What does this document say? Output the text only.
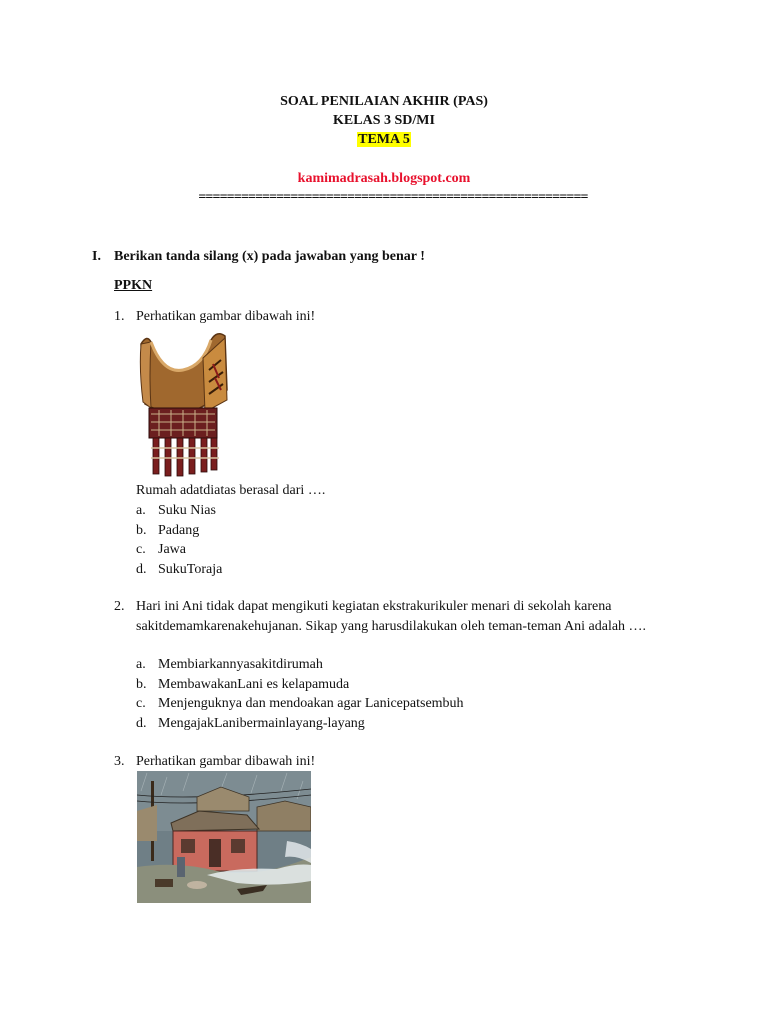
SOAL PENILAIAN AKHIR (PAS)
KELAS 3 SD/MI
TEMA 5
kamimadrasah.blogspot.com
=======================================================
I. Berikan tanda silang (x) pada jawaban yang benar !
PPKN
1. Perhatikan gambar dibawah ini!
Rumah adatdiatas berasal dari ….
a. Suku Nias
b. Padang
c. Jawa
d. SukuToraja
2. Hari ini Ani tidak dapat mengikuti kegiatan ekstrakurikuler menari di sekolah karena sakitdemamkarenakehujanan. Sikap yang harusdilakukan oleh teman-teman Ani adalah ….
a. Membiarkannyasakitdirumah
b. MembawakanLani es kelapamuda
c. Menjenguknya dan mendoakan agar Lanicepatsembuh
d. MengajakLanibermainlayang-layang
3. Perhatikan gambar dibawah ini!
